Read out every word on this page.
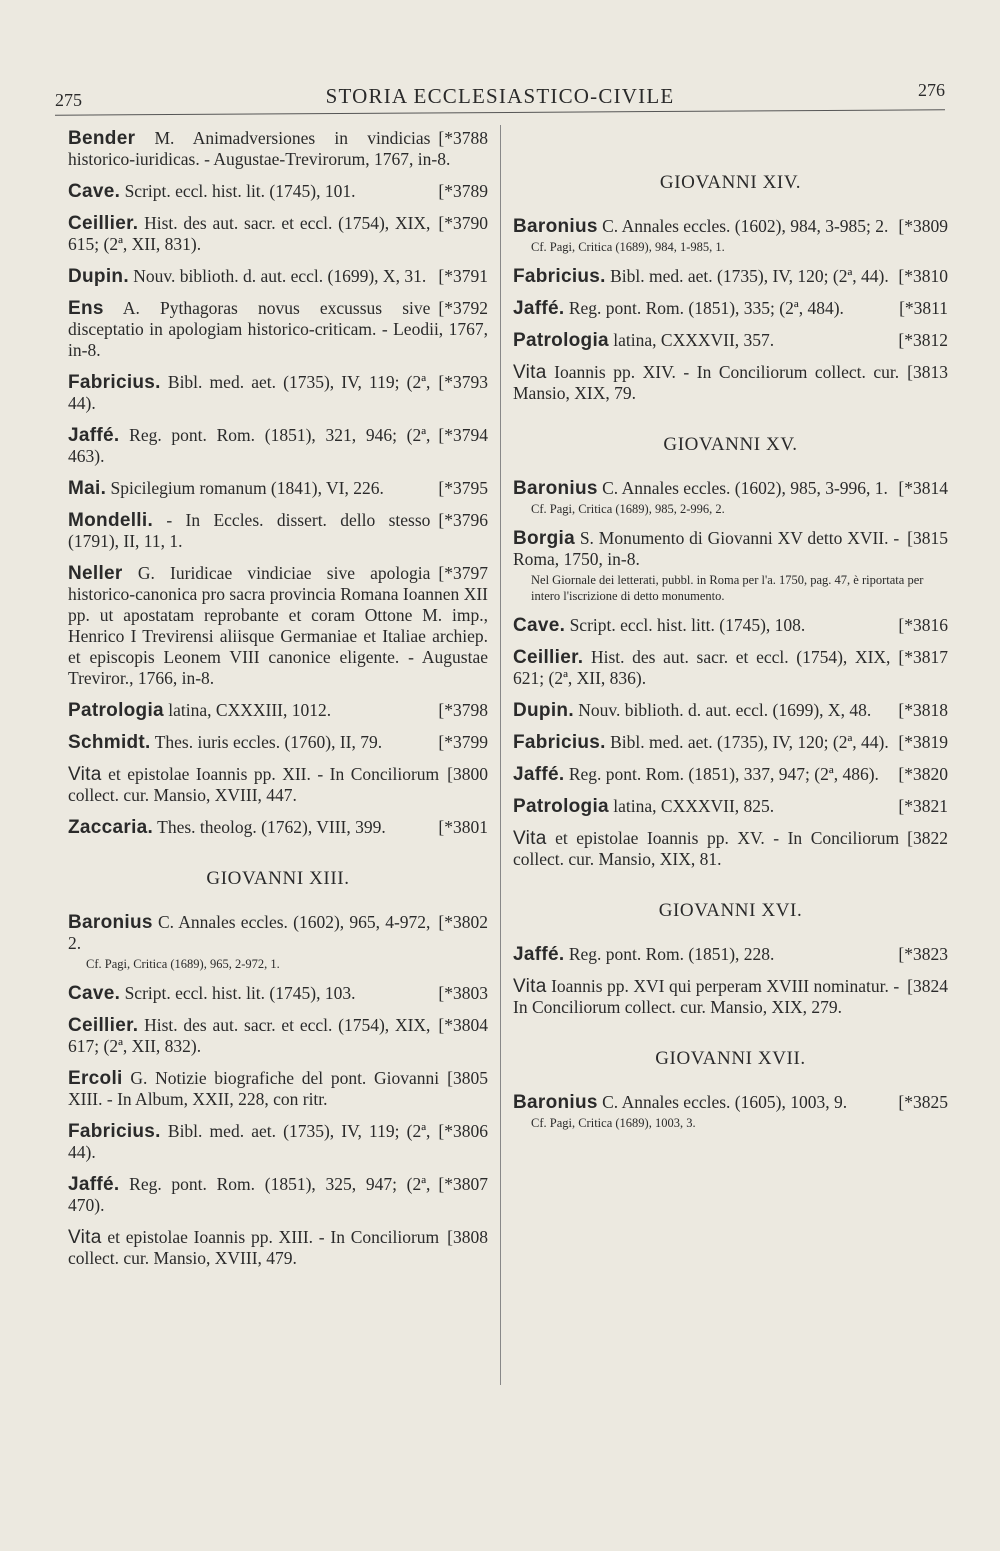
275	STORIA ECCLESIASTICO-CIVILE	276
[*3788
Bender M. Animadversiones in vindicias historico-iuridicas. - Augustae-Trevirorum, 1767, in-8.
[*3789
Cave. Script. eccl. hist. lit. (1745), 101.
[*3790
Ceillier. Hist. des aut. sacr. et eccl. (1754), XIX, 615; (2ª, XII, 831).
[*3791
Dupin. Nouv. biblioth. d. aut. eccl. (1699), X, 31.
[*3792
Ens A. Pythagoras novus excussus sive disceptatio in apologiam historico-criticam. - Leodii, 1767, in-8.
[*3793
Fabricius. Bibl. med. aet. (1735), IV, 119; (2ª, 44).
[*3794
Jaffé. Reg. pont. Rom. (1851), 321, 946; (2ª, 463).
[*3795
Mai. Spicilegium romanum (1841), VI, 226.
[*3796
Mondelli. - In Eccles. dissert. dello stesso (1791), II, 11, 1.
[*3797
Neller G. Iuridicae vindiciae sive apologia historico-canonica pro sacra provincia Romana Ioannen XII pp. ut apostatam reprobante et coram Ottone M. imp., Henrico I Trevirensi aliisque Germaniae et Italiae archiep. et episcopis Leonem VIII canonice eligente. - Augustae Treviror., 1766, in-8.
[*3798
Patrologia latina, CXXXIII, 1012.
[*3799
Schmidt. Thes. iuris eccles. (1760), II, 79.
[3800
Vita et epistolae Ioannis pp. XII. - In Conciliorum collect. cur. Mansio, XVIII, 447.
[*3801
Zaccaria. Thes. theolog. (1762), VIII, 399.
GIOVANNI XIII.
[*3802
Baronius C. Annales eccles. (1602), 965, 4-972, 2.
Cf. Pagi, Critica (1689), 965, 2-972, 1.
[*3803
Cave. Script. eccl. hist. lit. (1745), 103.
[*3804
Ceillier. Hist. des aut. sacr. et eccl. (1754), XIX, 617; (2ª, XII, 832).
[3805
Ercoli G. Notizie biografiche del pont. Giovanni XIII. - In Album, XXII, 228, con ritr.
[*3806
Fabricius. Bibl. med. aet. (1735), IV, 119; (2ª, 44).
[*3807
Jaffé. Reg. pont. Rom. (1851), 325, 947; (2ª, 470).
[3808
Vita et epistolae Ioannis pp. XIII. - In Conciliorum collect. cur. Mansio, XVIII, 479.
GIOVANNI XIV.
[*3809
Baronius C. Annales eccles. (1602), 984, 3-985; 2.
Cf. Pagi, Critica (1689), 984, 1-985, 1.
[*3810
Fabricius. Bibl. med. aet. (1735), IV, 120; (2ª, 44).
[*3811
Jaffé. Reg. pont. Rom. (1851), 335; (2ª, 484).
[*3812
Patrologia latina, CXXXVII, 357.
[3813
Vita Ioannis pp. XIV. - In Conciliorum collect. cur. Mansio, XIX, 79.
GIOVANNI XV.
[*3814
Baronius C. Annales eccles. (1602), 985, 3-996, 1.
Cf. Pagi, Critica (1689), 985, 2-996, 2.
[3815
Borgia S. Monumento di Giovanni XV detto XVII. - Roma, 1750, in-8.
Nel Giornale dei letterati, pubbl. in Roma per l'a. 1750, pag. 47, è riportata per intero l'iscrizione di detto monumento.
[*3816
Cave. Script. eccl. hist. litt. (1745), 108.
[*3817
Ceillier. Hist. des aut. sacr. et eccl. (1754), XIX, 621; (2ª, XII, 836).
[*3818
Dupin. Nouv. biblioth. d. aut. eccl. (1699), X, 48.
[*3819
Fabricius. Bibl. med. aet. (1735), IV, 120; (2ª, 44).
[*3820
Jaffé. Reg. pont. Rom. (1851), 337, 947; (2ª, 486).
[*3821
Patrologia latina, CXXXVII, 825.
[3822
Vita et epistolae Ioannis pp. XV. - In Conciliorum collect. cur. Mansio, XIX, 81.
GIOVANNI XVI.
[*3823
Jaffé. Reg. pont. Rom. (1851), 228.
[3824
Vita Ioannis pp. XVI qui perperam XVIII nominatur. - In Conciliorum collect. cur. Mansio, XIX, 279.
GIOVANNI XVII.
[*3825
Baronius C. Annales eccles. (1605), 1003, 9.
Cf. Pagi, Critica (1689), 1003, 3.
